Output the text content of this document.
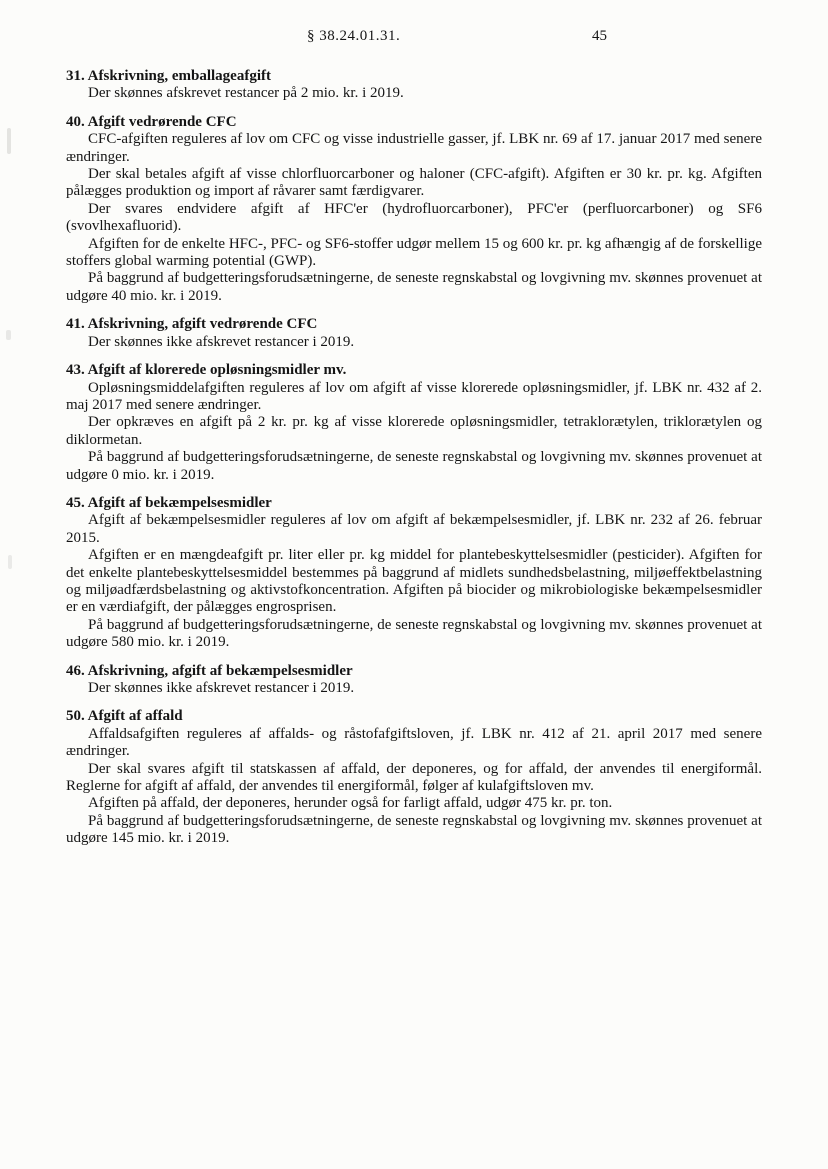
§ 38.24.01.31.	45
31. Afskrivning, emballageafgift

Der skønnes afskrevet restancer på 2 mio. kr. i 2019.

40. Afgift vedrørende CFC

CFC-afgiften reguleres af lov om CFC og visse industrielle gasser, jf. LBK nr. 69 af 17. januar 2017 med senere ændringer.

Der skal betales afgift af visse chlorfluorcarboner og haloner (CFC-afgift). Afgiften er 30 kr. pr. kg. Afgiften pålægges produktion og import af råvarer samt færdigvarer.

Der svares endvidere afgift af HFC'er (hydrofluorcarboner), PFC'er (perfluorcarboner) og SF6 (svovlhexafluorid).

Afgiften for de enkelte HFC-, PFC- og SF6-stoffer udgør mellem 15 og 600 kr. pr. kg afhængig af de forskellige stoffers global warming potential (GWP).

På baggrund af budgetteringsforudsætningerne, de seneste regnskabstal og lovgivning mv. skønnes provenuet at udgøre 40 mio. kr. i 2019.

41. Afskrivning, afgift vedrørende CFC

Der skønnes ikke afskrevet restancer i 2019.

43. Afgift af klorerede opløsningsmidler mv.

Opløsningsmiddelafgiften reguleres af lov om afgift af visse klorerede opløsningsmidler, jf. LBK nr. 432 af 2. maj 2017 med senere ændringer.

Der opkræves en afgift på 2 kr. pr. kg af visse klorerede opløsningsmidler, tetraklorætylen, triklorætylen og diklormetan.

På baggrund af budgetteringsforudsætningerne, de seneste regnskabstal og lovgivning mv. skønnes provenuet at udgøre 0 mio. kr. i 2019.

45. Afgift af bekæmpelsesmidler

Afgift af bekæmpelsesmidler reguleres af lov om afgift af bekæmpelsesmidler, jf. LBK nr. 232 af 26. februar 2015.

Afgiften er en mængdeafgift pr. liter eller pr. kg middel for plantebeskyttelsesmidler (pesticider). Afgiften for det enkelte plantebeskyttelsesmiddel bestemmes på baggrund af midlets sundhedsbelastning, miljøeffektbelastning og miljøadfærdsbelastning og aktivstofkoncentration. Afgiften på biocider og mikrobiologiske bekæmpelsesmidler er en værdiafgift, der pålægges engrosprisen.

På baggrund af budgetteringsforudsætningerne, de seneste regnskabstal og lovgivning mv. skønnes provenuet at udgøre 580 mio. kr. i 2019.

46. Afskrivning, afgift af bekæmpelsesmidler

Der skønnes ikke afskrevet restancer i 2019.

50. Afgift af affald

Affaldsafgiften reguleres af affalds- og råstofafgiftsloven, jf. LBK nr. 412 af 21. april 2017 med senere ændringer.

Der skal svares afgift til statskassen af affald, der deponeres, og for affald, der anvendes til energiformål. Reglerne for afgift af affald, der anvendes til energiformål, følger af kulafgiftsloven mv.

Afgiften på affald, der deponeres, herunder også for farligt affald, udgør 475 kr. pr. ton.

På baggrund af budgetteringsforudsætningerne, de seneste regnskabstal og lovgivning mv. skønnes provenuet at udgøre 145 mio. kr. i 2019.
